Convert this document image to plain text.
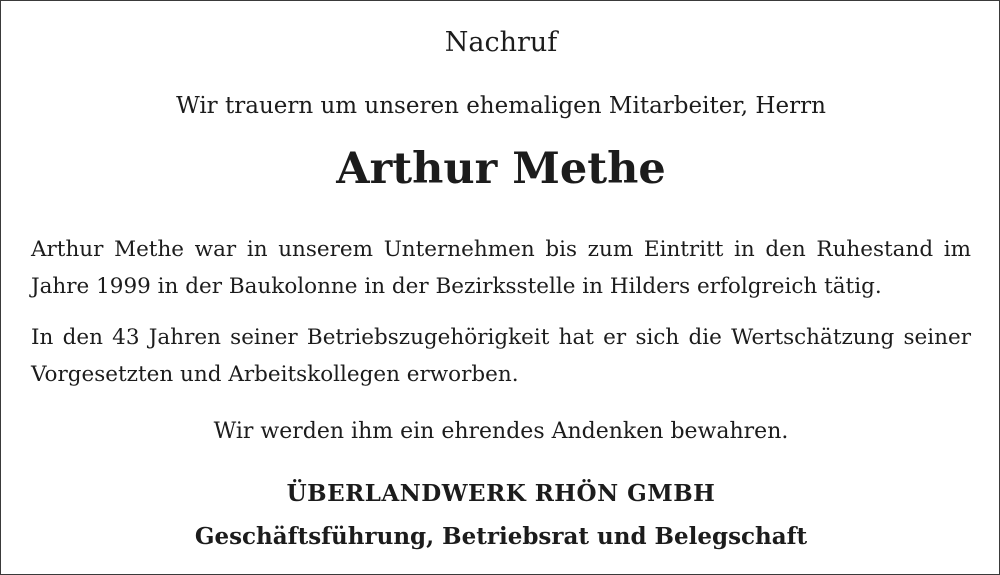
Nachruf
Wir trauern um unseren ehemaligen Mitarbeiter, Herrn
Arthur Methe
Arthur Methe war in unserem Unternehmen bis zum Eintritt in den Ruhestand im Jahre 1999 in der Baukolonne in der Bezirksstelle in Hilders erfolgreich tätig.
In den 43 Jahren seiner Betriebszugehörigkeit hat er sich die Wertschätzung seiner Vorgesetzten und Arbeitskollegen erworben.
Wir werden ihm ein ehrendes Andenken bewahren.
ÜBERLANDWERK RHÖN GMBH
Geschäftsführung, Betriebsrat und Belegschaft
